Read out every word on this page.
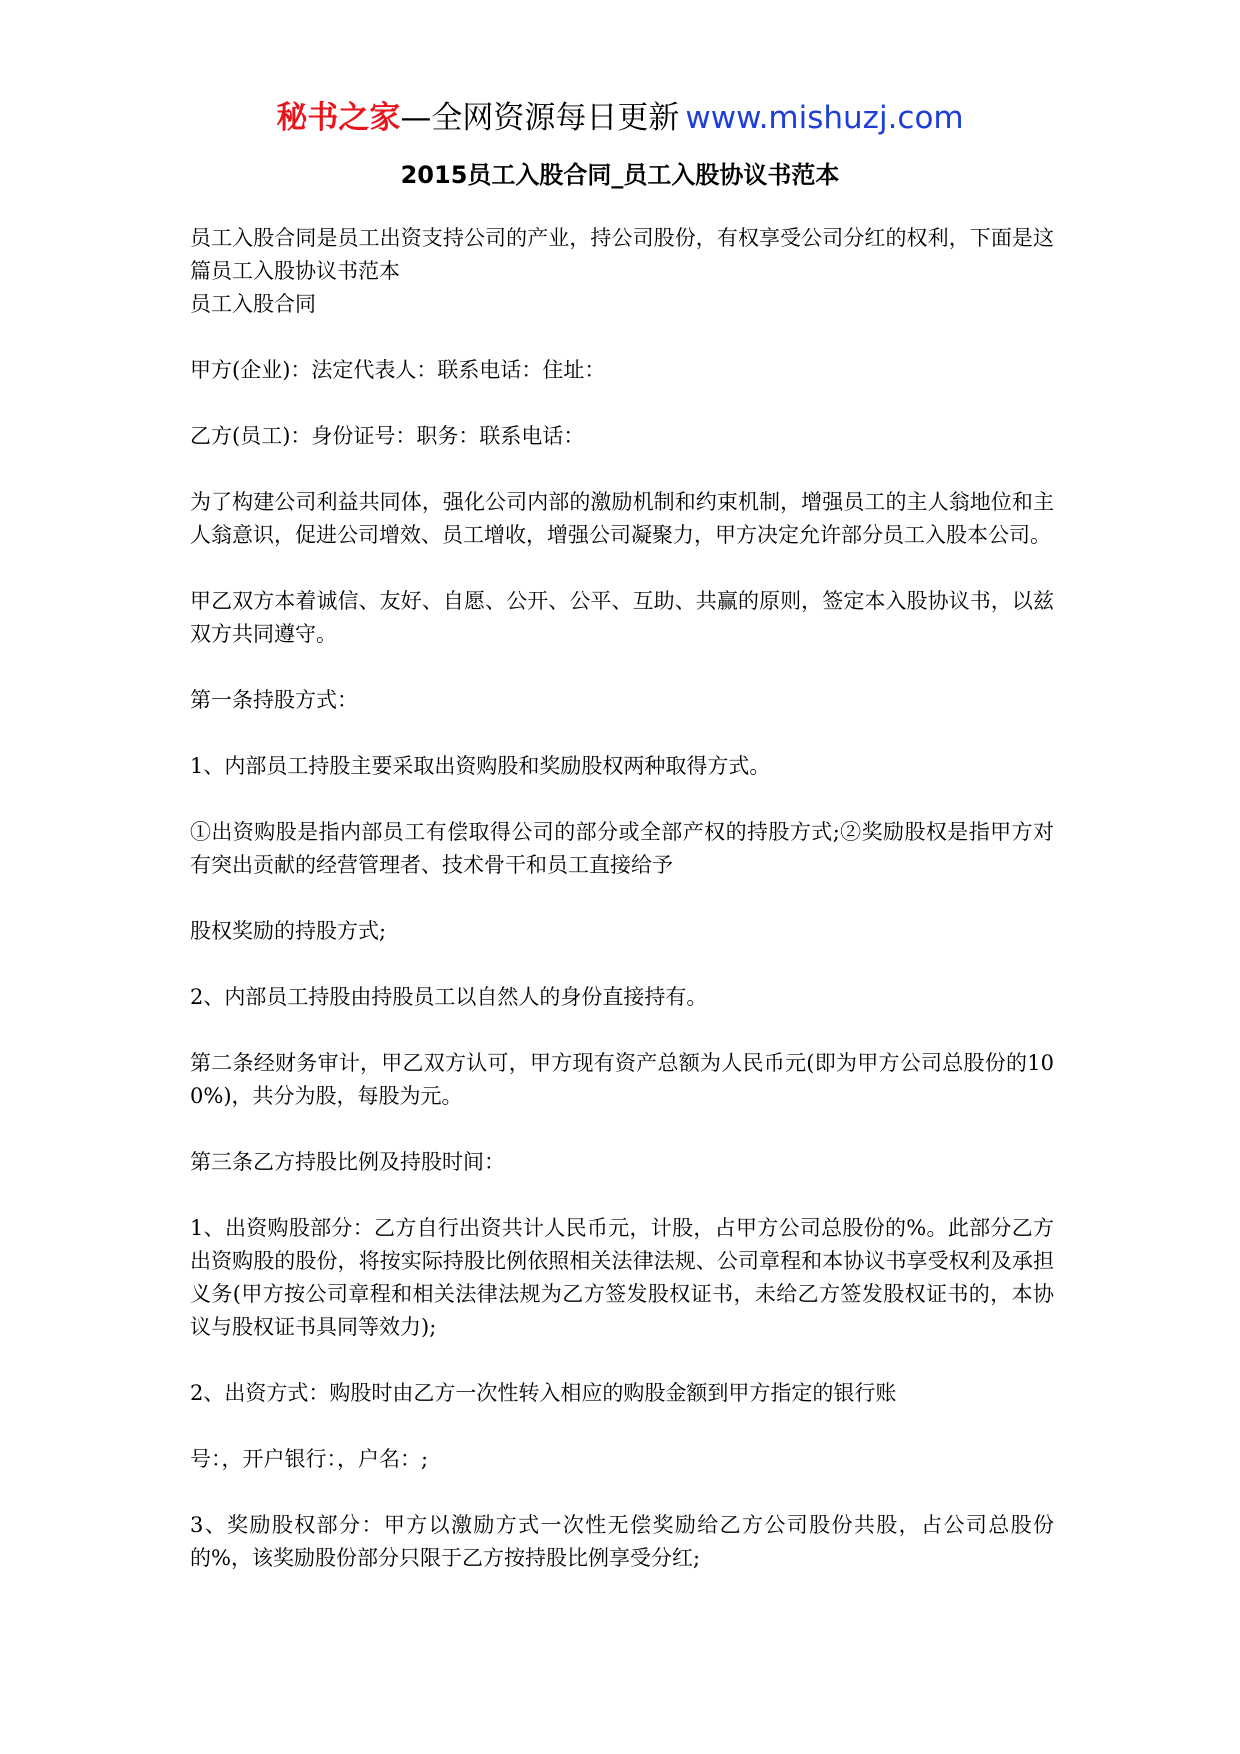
秘书之家—全网资源每日更新 www.mishuzj.com
2015员工入股合同_员工入股协议书范本

员工入股合同是员工出资支持公司的产业，持公司股份，有权享受公司分红的权利，下面是这篇员工入股协议书范本

员工入股合同

甲方(企业)：法定代表人：联系电话：住址：

乙方(员工)：身份证号：职务：联系电话：

为了构建公司利益共同体，强化公司内部的激励机制和约束机制，增强员工的主人翁地位和主人翁意识，促进公司增效、员工增收，增强公司凝聚力，甲方决定允许部分员工入股本公司。

甲乙双方本着诚信、友好、自愿、公开、公平、互助、共赢的原则，签定本入股协议书，以兹双方共同遵守。

第一条持股方式：

1、内部员工持股主要采取出资购股和奖励股权两种取得方式。

①出资购股是指内部员工有偿取得公司的部分或全部产权的持股方式;②奖励股权是指甲方对有突出贡献的经营管理者、技术骨干和员工直接给予

股权奖励的持股方式;

2、内部员工持股由持股员工以自然人的身份直接持有。

第二条经财务审计，甲乙双方认可，甲方现有资产总额为人民币元(即为甲方公司总股份的100%)，共分为股，每股为元。

第三条乙方持股比例及持股时间：

1、出资购股部分：乙方自行出资共计人民币元，计股，占甲方公司总股份的%。此部分乙方出资购股的股份，将按实际持股比例依照相关法律法规、公司章程和本协议书享受权利及承担义务(甲方按公司章程和相关法律法规为乙方签发股权证书，未给乙方签发股权证书的，本协议与股权证书具同等效力);

2、出资方式：购股时由乙方一次性转入相应的购股金额到甲方指定的银行账

号：，开户银行：，户名：;

3、奖励股权部分：甲方以激励方式一次性无偿奖励给乙方公司股份共股，占公司总股份的%，该奖励股份部分只限于乙方按持股比例享受分红;
